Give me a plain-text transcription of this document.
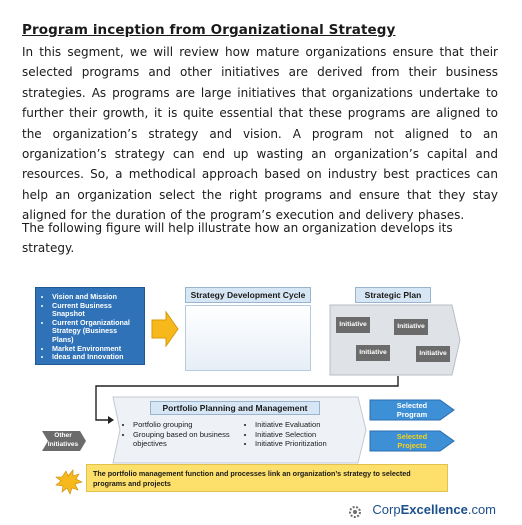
Program inception from Organizational Strategy
In this segment, we will review how mature organizations ensure that their selected programs and other initiatives are derived from their business strategies. As programs are large initiatives that organizations undertake to further their growth, it is quite essential that these programs are aligned to the organization’s strategy and vision. A program not aligned to an organization’s strategy can end up wasting an organization’s capital and resources. So, a methodical approach based on industry best practices can help an organization select the right programs and ensure that they stay aligned for the duration of the program’s execution and delivery phases.
The following figure will help illustrate how an organization develops its strategy.
• Vision and Mission
• Current Business Snapshot
• Current Organizational Strategy (Business Plans)
• Market Environment
• Ideas and Innovation
Strategy Development Cycle	Strategic Plan
Initiative	Initiative
Initiative	Initiative
Portfolio Planning and Management
• Portfolio grouping
• Grouping based on business objectives
• Initiative Evaluation
• Initiative Selection
• Initiative Prioritization
Other Initiatives
Selected Program
Selected Projects
The portfolio management function and processes link an organization’s strategy to selected programs and projects
CorpExcellence.com
